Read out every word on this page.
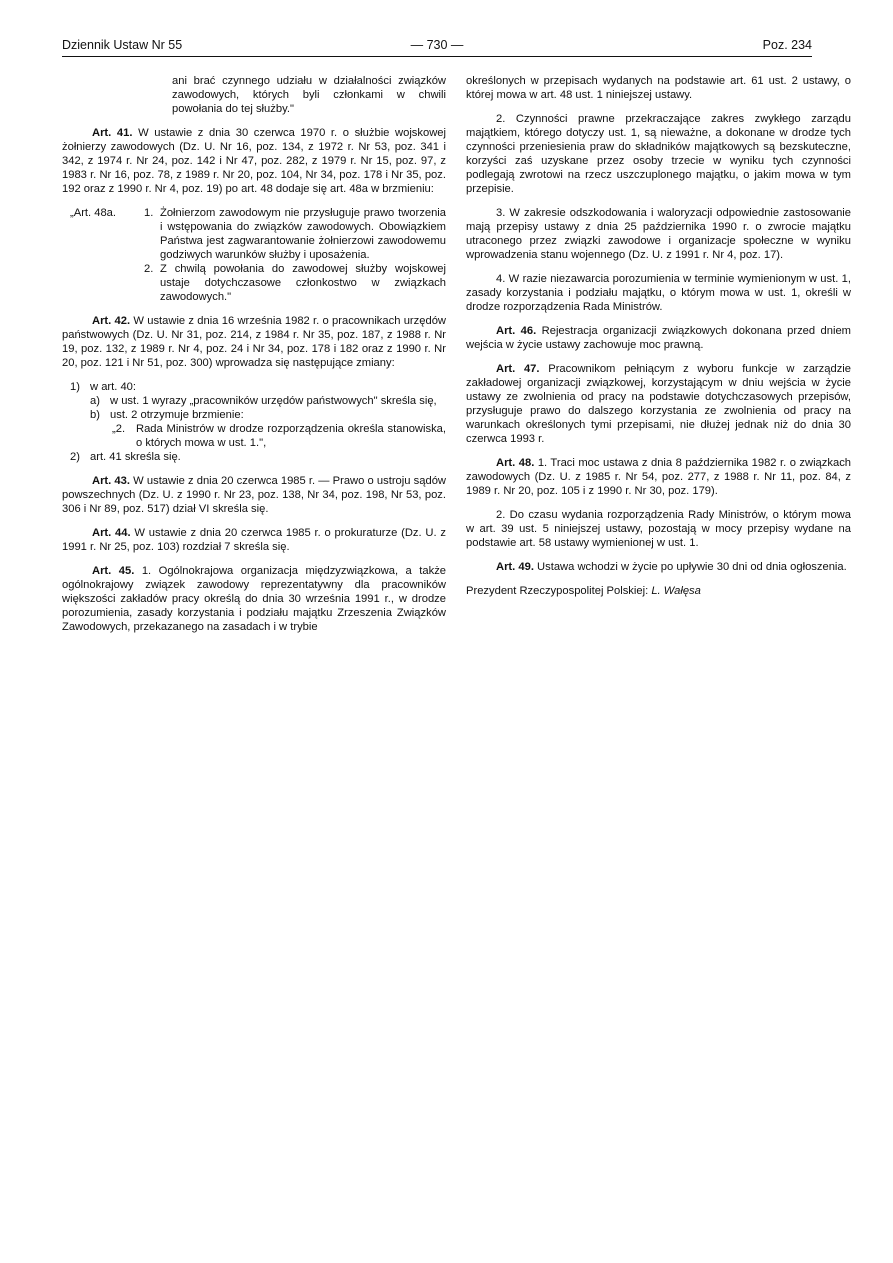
Dziennik Ustaw Nr 55	— 730 —	Poz. 234

ani brać czynnego udziału w działalności związków zawodowych, których byli członkami w chwili powołania do tej służby."

Art. 41. W ustawie z dnia 30 czerwca 1970 r. o służbie wojskowej żołnierzy zawodowych (Dz. U. Nr 16, poz. 134, z 1972 r. Nr 53, poz. 341 i 342, z 1974 r. Nr 24, poz. 142 i Nr 47, poz. 282, z 1979 r. Nr 15, poz. 97, z 1983 r. Nr 16, poz. 78, z 1989 r. Nr 20, poz. 104, Nr 34, poz. 178 i Nr 35, poz. 192 oraz z 1990 r. Nr 4, poz. 19) po art. 48 dodaje się art. 48a w brzmieniu:

„Art. 48a.	1. Żołnierzom zawodowym nie przysługuje prawo tworzenia i wstępowania do związków zawodowych. Obowiązkiem Państwa jest zagwarantowanie żołnierzowi zawodowemu godziwych warunków służby i uposażenia.
2. Z chwilą powołania do zawodowej służby wojskowej ustaje dotychczasowe członkostwo w związkach zawodowych."

Art. 42. W ustawie z dnia 16 września 1982 r. o pracownikach urzędów państwowych (Dz. U. Nr 31, poz. 214, z 1984 r. Nr 35, poz. 187, z 1988 r. Nr 19, poz. 132, z 1989 r. Nr 4, poz. 24 i Nr 34, poz. 178 i 182 oraz z 1990 r. Nr 20, poz. 121 i Nr 51, poz. 300) wprowadza się następujące zmiany:

1) w art. 40:
a) w ust. 1 wyrazy „pracowników urzędów państwowych" skreśla się,
b) ust. 2 otrzymuje brzmienie:
„2. Rada Ministrów w drodze rozporządzenia określa stanowiska, o których mowa w ust. 1.",
2) art. 41 skreśla się.

Art. 43. W ustawie z dnia 20 czerwca 1985 r. — Prawo o ustroju sądów powszechnych (Dz. U. z 1990 r. Nr 23, poz. 138, Nr 34, poz. 198, Nr 53, poz. 306 i Nr 89, poz. 517) dział VI skreśla się.

Art. 44. W ustawie z dnia 20 czerwca 1985 r. o prokuraturze (Dz. U. z 1991 r. Nr 25, poz. 103) rozdział 7 skreśla się.

Art. 45. 1. Ogólnokrajowa organizacja międzyzwiązkowa, a także ogólnokrajowy związek zawodowy reprezentatywny dla pracowników większości zakładów pracy określą do dnia 30 września 1991 r., w drodze porozumienia, zasady korzystania i podziału majątku Zrzeszenia Związków Zawodowych, przekazanego na zasadach i w trybie

określonych w przepisach wydanych na podstawie art. 61 ust. 2 ustawy, o której mowa w art. 48 ust. 1 niniejszej ustawy.

2. Czynności prawne przekraczające zakres zwykłego zarządu majątkiem, którego dotyczy ust. 1, są nieważne, a dokonane w drodze tych czynności przeniesienia praw do składników majątkowych są bezskuteczne, korzyści zaś uzyskane przez osoby trzecie w wyniku tych czynności podlegają zwrotowi na rzecz uszczuplonego majątku, o jakim mowa w tym przepisie.

3. W zakresie odszkodowania i waloryzacji odpowiednie zastosowanie mają przepisy ustawy z dnia 25 października 1990 r. o zwrocie majątku utraconego przez związki zawodowe i organizacje społeczne w wyniku wprowadzenia stanu wojennego (Dz. U. z 1991 r. Nr 4, poz. 17).

4. W razie niezawarcia porozumienia w terminie wymienionym w ust. 1, zasady korzystania i podziału majątku, o którym mowa w ust. 1, określi w drodze rozporządzenia Rada Ministrów.

Art. 46. Rejestracja organizacji związkowych dokonana przed dniem wejścia w życie ustawy zachowuje moc prawną.

Art. 47. Pracownikom pełniącym z wyboru funkcje w zarządzie zakładowej organizacji związkowej, korzystającym w dniu wejścia w życie ustawy ze zwolnienia od pracy na podstawie dotychczasowych przepisów, przysługuje prawo do dalszego korzystania ze zwolnienia od pracy na warunkach określonych tymi przepisami, nie dłużej jednak niż do dnia 30 czerwca 1993 r.

Art. 48. 1. Traci moc ustawa z dnia 8 października 1982 r. o związkach zawodowych (Dz. U. z 1985 r. Nr 54, poz. 277, z 1988 r. Nr 11, poz. 84, z 1989 r. Nr 20, poz. 105 i z 1990 r. Nr 30, poz. 179).

2. Do czasu wydania rozporządzenia Rady Ministrów, o którym mowa w art. 39 ust. 5 niniejszej ustawy, pozostają w mocy przepisy wydane na podstawie art. 58 ustawy wymienionej w ust. 1.

Art. 49. Ustawa wchodzi w życie po upływie 30 dni od dnia ogłoszenia.

Prezydent Rzeczypospolitej Polskiej: L. Wałęsa
